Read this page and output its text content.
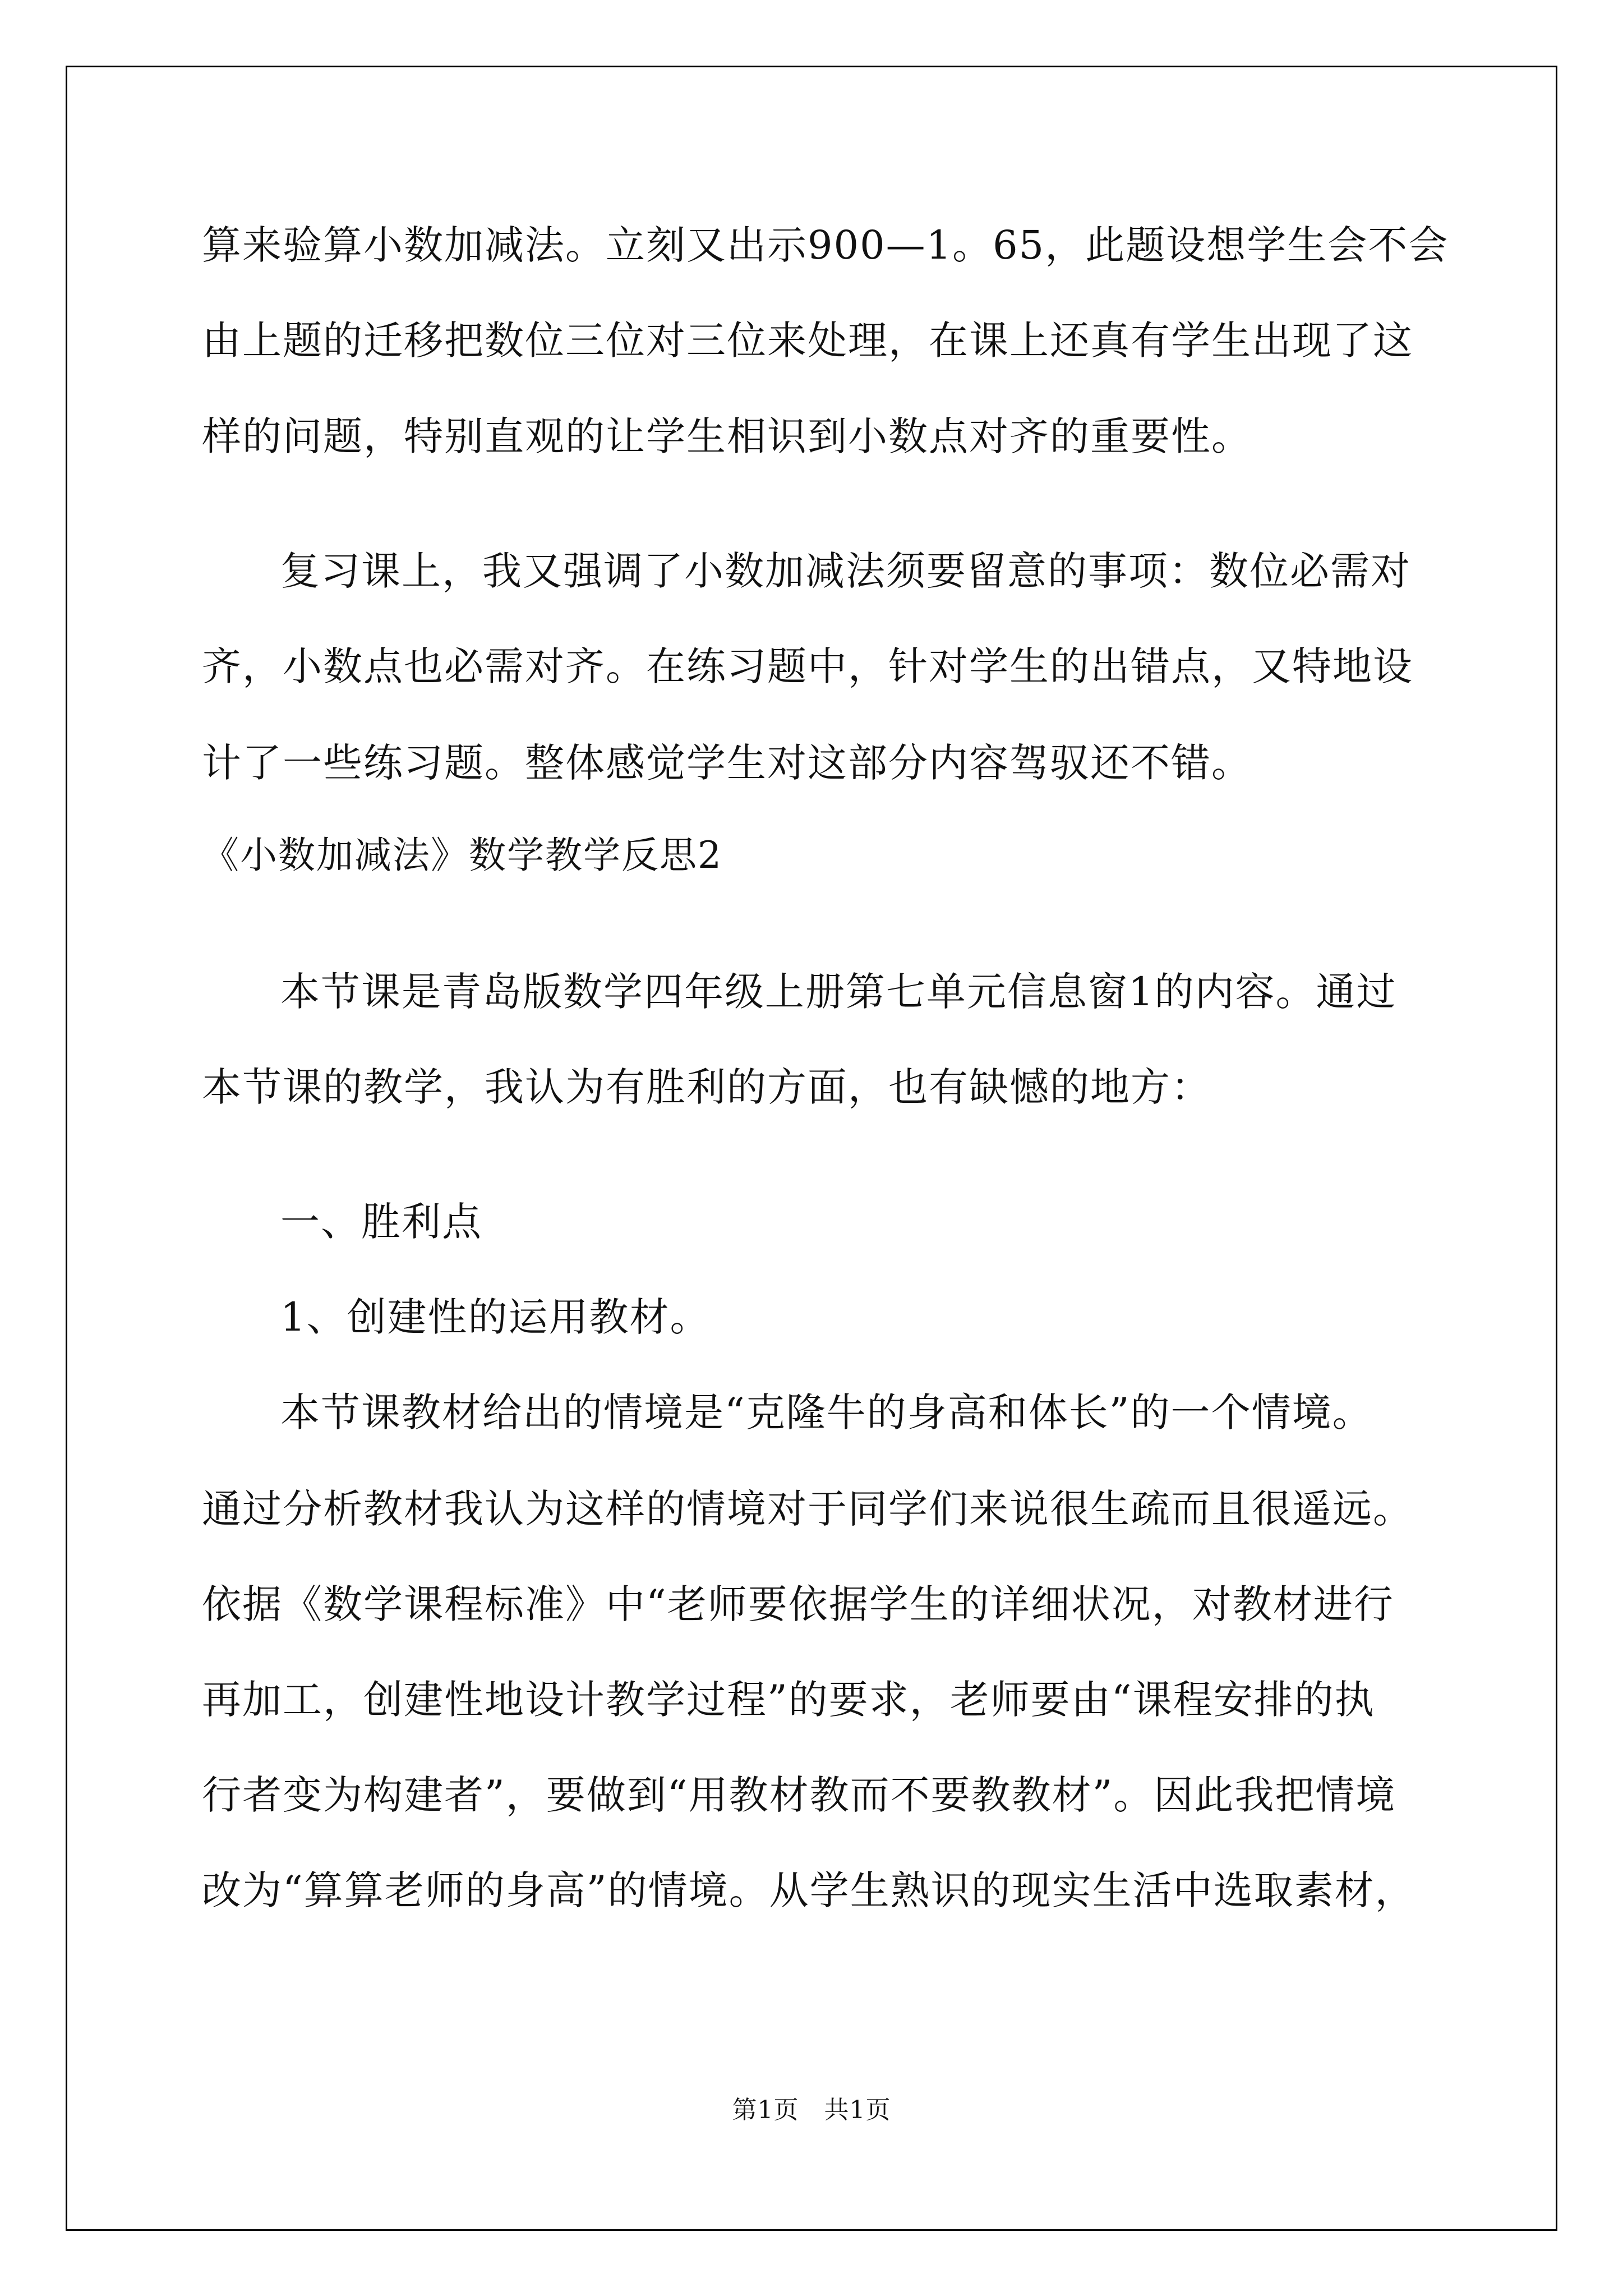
算来验算小数加减法。立刻又出示900—1。65，此题设想学生会不会
由上题的迁移把数位三位对三位来处理，在课上还真有学生出现了这
样的问题，特别直观的让学生相识到小数点对齐的重要性。
复习课上，我又强调了小数加减法须要留意的事项：数位必需对
齐，小数点也必需对齐。在练习题中，针对学生的出错点，又特地设
计了一些练习题。整体感觉学生对这部分内容驾驭还不错。
《小数加减法》数学教学反思2
本节课是青岛版数学四年级上册第七单元信息窗1的内容。通过
本节课的教学，我认为有胜利的方面，也有缺憾的地方：
一、胜利点
1、创建性的运用教材。
本节课教材给出的情境是“克隆牛的身高和体长”的一个情境。
通过分析教材我认为这样的情境对于同学们来说很生疏而且很遥远。
依据《数学课程标准》中“老师要依据学生的详细状况，对教材进行
再加工，创建性地设计教学过程”的要求，老师要由“课程安排的执
行者变为构建者”，要做到“用教材教而不要教教材”。因此我把情境
改为“算算老师的身高”的情境。从学生熟识的现实生活中选取素材，
第1页　共1页
